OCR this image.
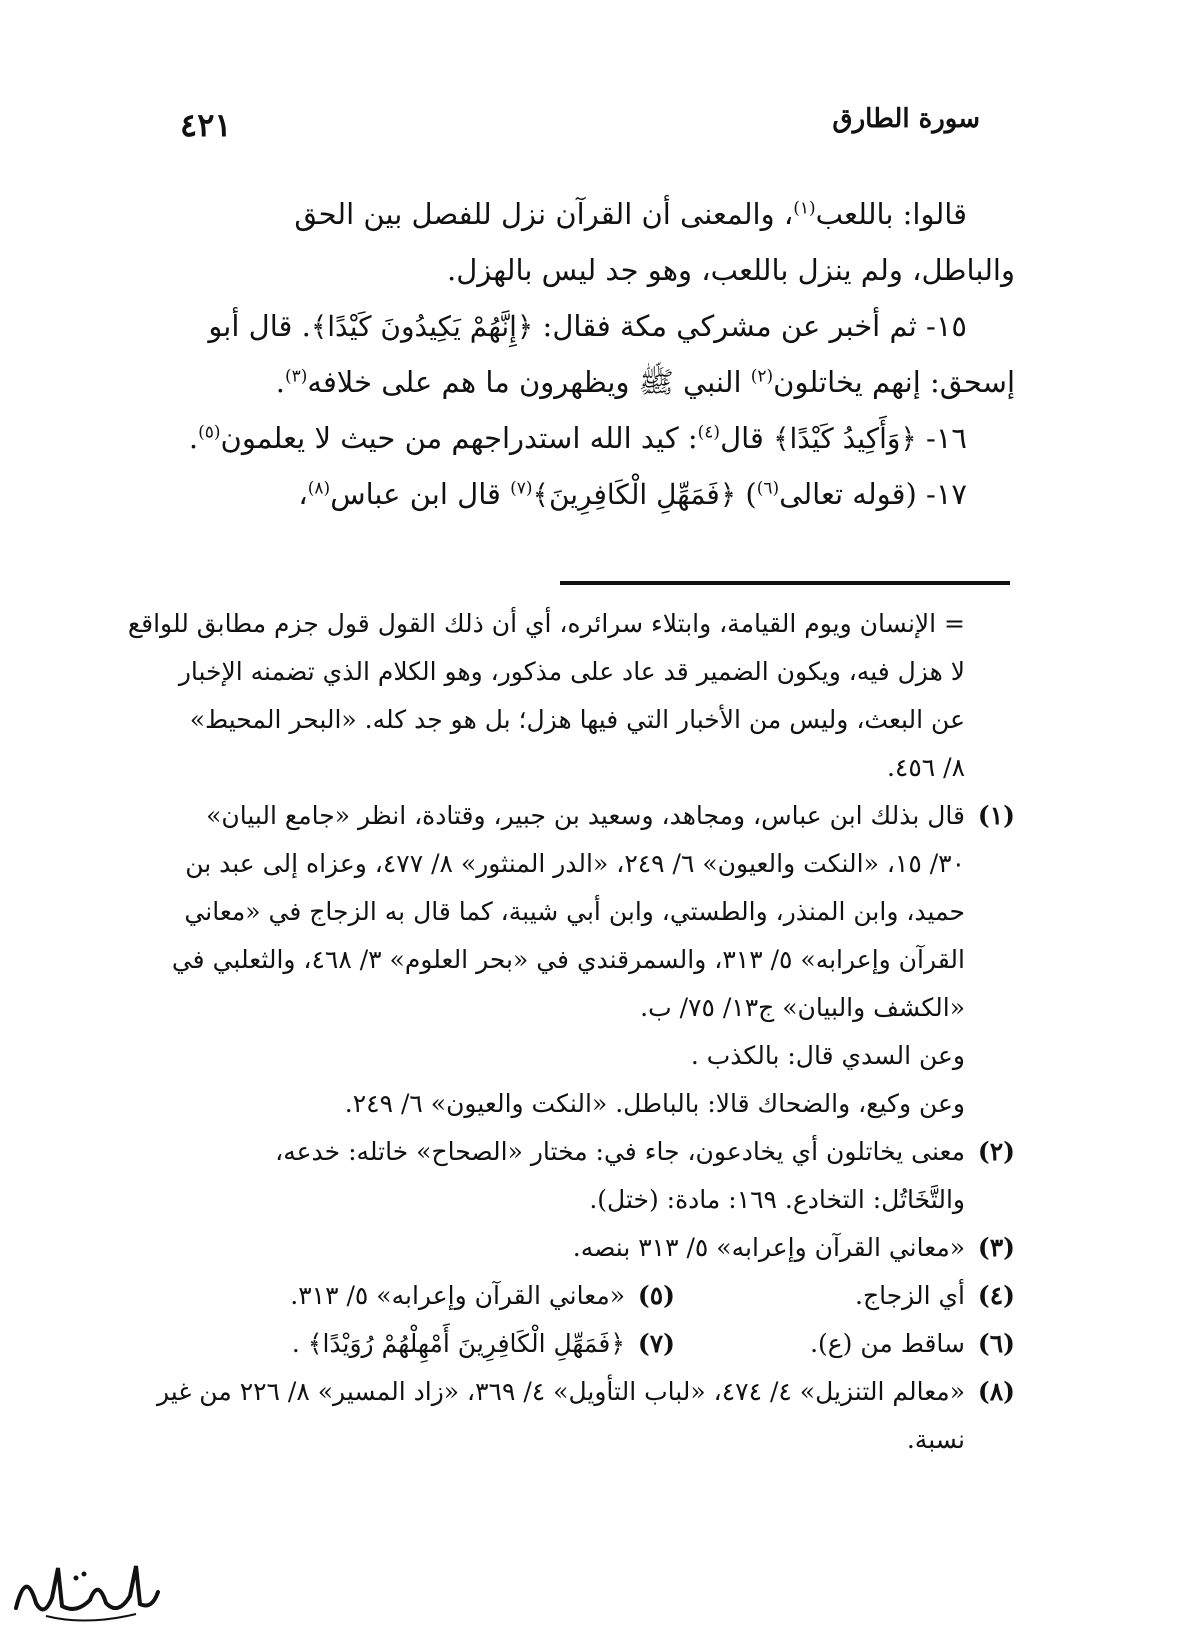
سورة الطارق
٤٢١
قالوا: باللعب$^{(١)}$، والمعنى أن القرآن نزل للفصل بين الحق
والباطل، ولم ينزل باللعب، وهو جد ليس بالهزل.
١٥- ثم أخبر عن مشركي مكة فقال: ﴿إِنَّهُمْ يَكِيدُونَ كَيْدًا﴾. قال أبو
إسحق: إنهم يخاتلون$^{(٢)}$ النبي ﷺ ويظهرون ما هم على خلافه$^{(٣)}$.
١٦- ﴿وَأَكِيدُ كَيْدًا﴾ قال$^{(٤)}$: كيد الله استدراجهم من حيث لا يعلمون$^{(٥)}$.
١٧- (قوله تعالى$^{(٦)}$) ﴿فَمَهِّلِ الْكَافِرِينَ﴾$^{(٧)}$ قال ابن عباس$^{(٨)}$،
= الإنسان ويوم القيامة، وابتلاء سرائره، أي أن ذلك القول قول جزم مطابق للواقع
لا هزل فيه، ويكون الضمير قد عاد على مذكور، وهو الكلام الذي تضمنه الإخبار
عن البعث، وليس من الأخبار التي فيها هزل؛ بل هو جد كله. «البحر المحيط»
٨/ ٤٥٦.
(١)قال بذلك ابن عباس، ومجاهد، وسعيد بن جبير، وقتادة، انظر «جامع البيان»
٣٠/ ١٥، «النكت والعيون» ٦/ ٢٤٩، «الدر المنثور» ٨/ ٤٧٧، وعزاه إلى عبد بن
حميد، وابن المنذر، والطستي، وابن أبي شيبة، كما قال به الزجاج في «معاني
القرآن وإعرابه» ٥/ ٣١٣، والسمرقندي في «بحر العلوم» ٣/ ٤٦٨، والثعلبي في
«الكشف والبيان» ج١٣/ ٧٥/ ب.
وعن السدي قال: بالكذب .
وعن وكيع، والضحاك قالا: بالباطل. «النكت والعيون» ٦/ ٢٤٩.
(٢)معنى يخاتلون أي يخادعون، جاء في: مختار «الصحاح» خاتله: خدعه،
والتَّخَاتُل: التخادع. ١٦٩: مادة: (ختل).
(٣)«معاني القرآن وإعرابه» ٥/ ٣١٣ بنصه.
(٤)أي الزجاج.
(٥)«معاني القرآن وإعرابه» ٥/ ٣١٣.
(٦)ساقط من (ع).
(٧)﴿فَمَهِّلِ الْكَافِرِينَ أَمْهِلْهُمْ رُوَيْدًا﴾ .
(٨)«معالم التنزيل» ٤/ ٤٧٤، «لباب التأويل» ٤/ ٣٦٩، «زاد المسير» ٨/ ٢٢٦ من غير
نسبة.
